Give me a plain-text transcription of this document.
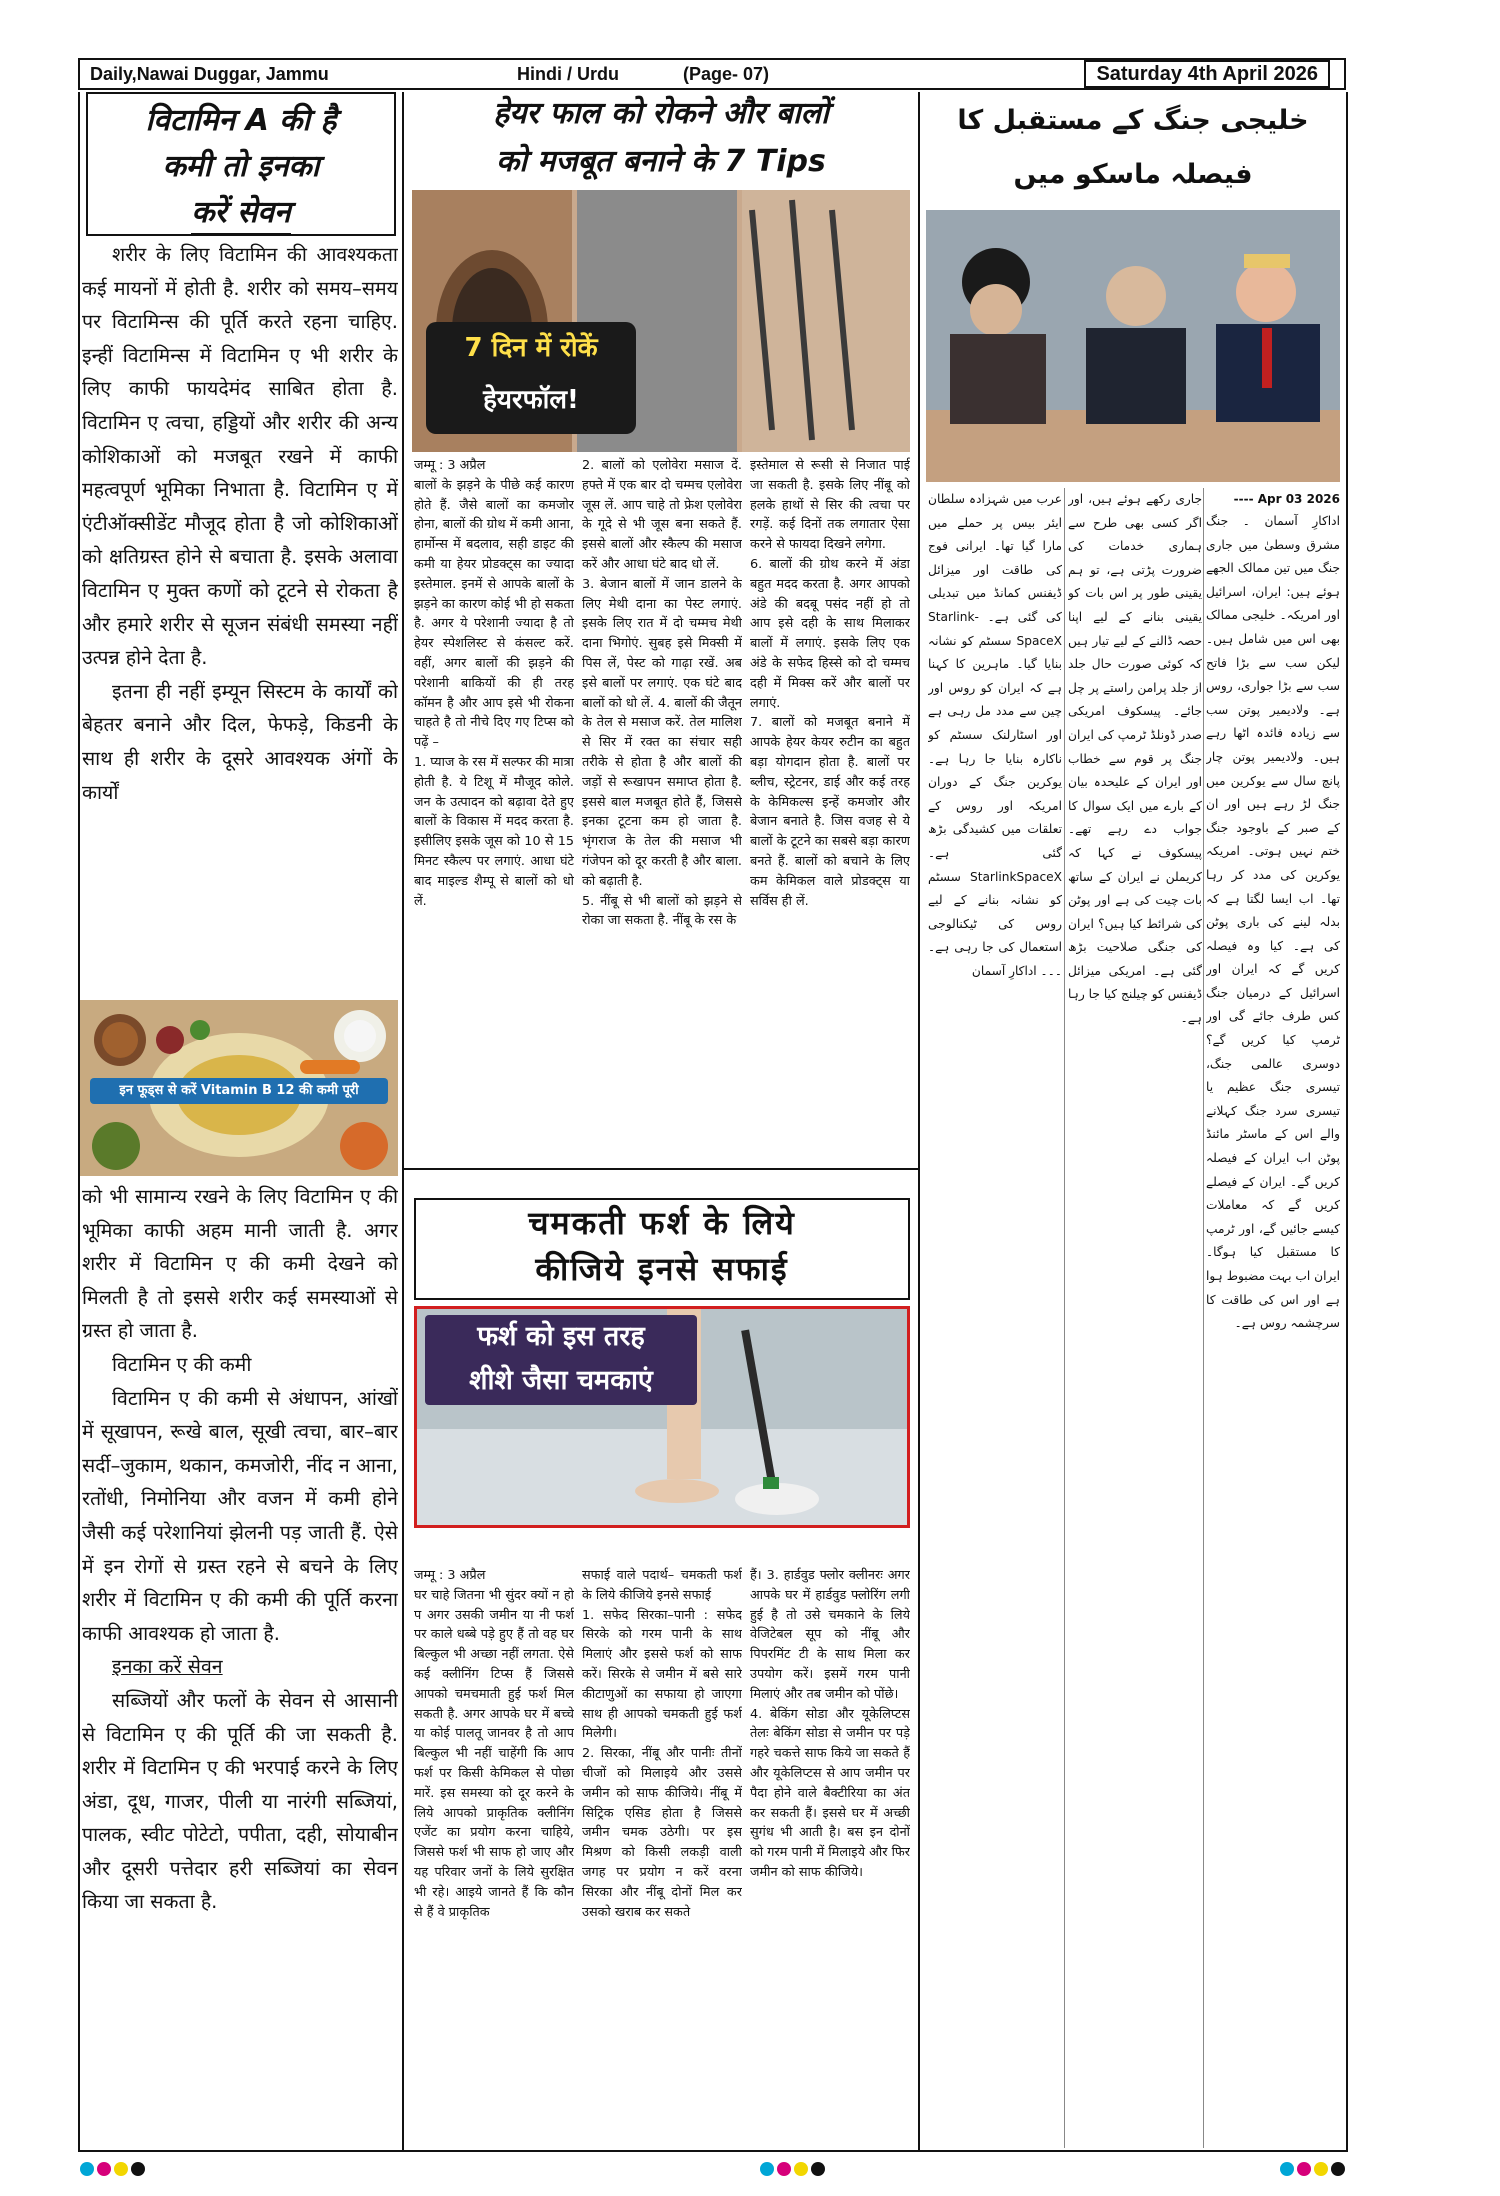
Daily,Nawai Duggar, Jammu	Hindi / Urdu	(Page- 07)	Saturday 4th April 2026
विटामिन A की है
कमी तो इनका
करें सेवन

शरीर के लिए विटामिन की आवश्यकता कई मायनों में होती है. शरीर को समय–समय पर विटामिन्स की पूर्ति करते रहना चाहिए. इन्हीं विटामिन्स में विटामिन ए भी शरीर के लिए काफी फायदेमंद साबित होता है. विटामिन ए त्वचा, हड्डियों और शरीर की अन्य कोशिकाओं को मजबूत रखने में काफी महत्वपूर्ण भूमिका निभाता है. विटामिन ए में एंटीऑक्सीडेंट मौजूद होता है जो कोशिकाओं को क्षतिग्रस्त होने से बचाता है. इसके अलावा विटामिन ए मुक्त कणों को टूटने से रोकता है और हमारे शरीर से सूजन संबंधी समस्या नहीं उत्पन्न होने देता है.

इतना ही नहीं इम्यून सिस्टम के कार्यों को बेहतर बनाने और दिल, फेफड़े, किडनी के साथ ही शरीर के दूसरे आवश्यक अंगों के कार्यों

इन फूड्स से करें Vitamin B 12 की कमी पूरी

को भी सामान्य रखने के लिए विटामिन ए की भूमिका काफी अहम मानी जाती है. अगर शरीर में विटामिन ए की कमी देखने को मिलती है तो इससे शरीर कई समस्याओं से ग्रस्त हो जाता है.

विटामिन ए की कमी

विटामिन ए की कमी से अंधापन, आंखों में सूखापन, रूखे बाल, सूखी त्वचा, बार–बार सर्दी–जुकाम, थकान, कमजोरी, नींद न आना, रतोंधी, निमोनिया और वजन में कमी होने जैसी कई परेशानियां झेलनी पड़ जाती हैं. ऐसे में इन रोगों से ग्रस्त रहने से बचने के लिए शरीर में विटामिन ए की कमी की पूर्ति करना काफी आवश्यक हो जाता है.

इनका करें सेवन

सब्जियों और फलों के सेवन से आसानी से विटामिन ए की पूर्ति की जा सकती है. शरीर में विटामिन ए की भरपाई करने के लिए अंडा, दूध, गाजर, पीली या नारंगी सब्जियां, पालक, स्वीट पोटेटो, पपीता, दही, सोयाबीन और दूसरी पत्तेदार हरी सब्जियां का सेवन किया जा सकता है.

हेयर फाल को रोकने और बालों
को मजबूत बनाने के 7 Tips
7 दिन में रोकें
हेयरफॉल!
जम्मू : 3 अप्रैल
बालों के झड़ने के पीछे कई कारण होते हैं. जैसे बालों का कमजोर होना, बालों की ग्रोथ में कमी आना, हार्मोन्स में बदलाव, सही डाइट की कमी या हेयर प्रोडक्ट्स का ज्यादा इस्तेमाल. इनमें से आपके बालों के झड़ने का कारण कोई भी हो सकता है. अगर ये परेशानी ज्यादा है तो हेयर स्पेशलिस्ट से कंसल्ट करें. वहीं, अगर बालों की झड़ने की परेशानी बाकियों की ही तरह कॉमन है और आप इसे भी रोकना चाहते है तो नीचे दिए गए टिप्स को पढ़ें –
1. प्याज के रस में सल्फर की मात्रा होती है. ये टिशू में मौजूद कोले. जन के उत्पादन को बढ़ावा देते हुए बालों के विकास में मदद करता है. इसीलिए इसके जूस को 10 से 15 मिनट स्कैल्प पर लगाएं. आधा घंटे बाद माइल्ड शैम्पू से बालों को धो लें.
2. बालों को एलोवेरा मसाज दें. हफ्ते में एक बार दो चम्मच एलोवेरा जूस लें. आप चाहे तो फ्रेश एलोवेरा के गूदे से भी जूस बना सकते हैं. इससे बालों और स्कैल्प की मसाज करें और आधा घंटे बाद धो लें.
3. बेजान बालों में जान डालने के लिए मेथी दाना का पेस्ट लगाएं. इसके लिए रात में दो चम्मच मेथी दाना भिगोएं. सुबह इसे मिक्सी में पिस लें, पेस्ट को गाढ़ा रखें. अब इसे बालों पर लगाएं. एक घंटे बाद बालों को धो लें. 4. बालों की जैतून के तेल से मसाज करें. तेल मालिश से सिर में रक्त का संचार सही तरीके से होता है और बालों की जड़ों से रूखापन समाप्त होता है. इससे बाल मजबूत होते हैं, जिससे इनका टूटना कम हो जाता है. भृंगराज के तेल की मसाज भी गंजेपन को दूर करती है और बाला. को बढ़ाती है.
5. नींबू से भी बालों को झड़ने से रोका जा सकता है. नींबू के रस के
इस्तेमाल से रूसी से निजात पाई जा सकती है. इसके लिए नींबू को हलके हाथों से सिर की त्वचा पर रगड़ें. कई दिनों तक लगातार ऐसा करने से फायदा दिखने लगेगा.
6. बालों की ग्रोथ करने में अंडा बहुत मदद करता है. अगर आपको अंडे की बदबू पसंद नहीं हो तो आप इसे दही के साथ मिलाकर बालों में लगाएं. इसके लिए एक अंडे के सफेद हिस्से को दो चम्मच दही में मिक्स करें और बालों पर लगाएं.
7. बालों को मजबूत बनाने में आपके हेयर केयर रुटीन का बहुत बड़ा योगदान होता है. बालों पर ब्लीच, स्ट्रेटनर, डाई और कई तरह के केमिकल्स इन्हें कमजोर और बेजान बनाते है. जिस वजह से ये बालों के टूटने का सबसे बड़ा कारण बनते हैं. बालों को बचाने के लिए कम केमिकल वाले प्रोडक्ट्स या सर्विस ही लें.
चमकती फर्श के लिये
कीजिये इनसे सफाई
फर्श को इस तरह
शीशे जैसा चमकाएं
जम्मू : 3 अप्रैल
घर चाहे जितना भी सुंदर क्यों न हो प अगर उसकी जमीन या नी फर्श पर काले धब्बे पड़े हुए हैं तो वह घर बिल्कुल भी अच्छा नहीं लगता. ऐसे कई क्लीनिंग टिप्स हैं जिससे आपको चमचमाती हुई फर्श मिल सकती है. अगर आपके घर में बच्चे या कोई पालतू जानवर है तो आप बिल्कुल भी नहीं चाहेंगी कि आप फर्श पर किसी केमिकल से पोछा मारें. इस समस्या को दूर करने के लिये आपको प्राकृतिक क्लीनिंग एजेंट का प्रयोग करना चाहिये, जिससे फर्श भी साफ हो जाए और यह परिवार जनों के लिये सुरक्षित भी रहे। आइये जानते हैं कि कौन से हैं वे प्राकृतिक
सफाई वाले पदार्थ– चमकती फर्श के लिये कीजिये इनसे सफाई
1. सफेद सिरका–पानी : सफेद सिरके को गरम पानी के साथ मिलाएं और इससे फर्श को साफ करें। सिरके से जमीन में बसे सारे कीटाणुओं का सफाया हो जाएगा साथ ही आपको चमकती हुई फर्श मिलेगी।
2. सिरका, नींबू और पानीः तीनों चीजों को मिलाइये और उससे जमीन को साफ कीजिये। नींबू में सिट्रिक एसिड होता है जिससे जमीन चमक उठेगी। पर इस मिश्रण को किसी लकड़ी वाली जगह पर प्रयोग न करें वरना सिरका और नींबू दोनों मिल कर उसको खराब कर सकते
हैं। 3. हार्डवुड फ्लोर क्लीनरः अगर आपके घर में हार्डवुड फ्लोरिंग लगी हुई है तो उसे चमकाने के लिये वेजिटेबल सूप को नींबू और पिपरमिंट टी के साथ मिला कर उपयोग करें। इसमें गरम पानी मिलाएं और तब जमीन को पोंछे।
4. बेकिंग सोडा और यूकेलिप्टस तेलः बेकिंग सोडा से जमीन पर पड़े गहरे चकत्ते साफ किये जा सकते हैं और यूकेलिप्टस से आप जमीन पर पैदा होने वाले बैक्टीरिया का अंत कर सकती हैं। इससे घर में अच्छी सुगंध भी आती है। बस इन दोनों को गरम पानी में मिलाइये और फिर जमीन को साफ कीजिये।
خلیجی جنگ کے مستقبل کا فیصلہ ماسکو میں
2026 Apr 03 ----
اداکارِ آسمان ۔ جنگ مشرق وسطیٰ میں جاری جنگ میں تین ممالک الجھے ہوئے ہیں: ایران، اسرائیل اور امریکہ۔ خلیجی ممالک بھی اس میں شامل ہیں۔ لیکن سب سے بڑا فاتح سب سے بڑا جواری، روس ہے۔ ولادیمیر پوتن سب سے زیادہ فائدہ اٹھا رہے ہیں۔ ولادیمیر پوتن چار پانچ سال سے یوکرین میں جنگ لڑ رہے ہیں اور ان کے صبر کے باوجود جنگ ختم نہیں ہوتی۔ امریکہ یوکرین کی مدد کر رہا تھا۔ اب ایسا لگتا ہے کہ بدلہ لینے کی باری پوٹن کی ہے۔ کیا وہ فیصلہ کریں گے کہ ایران اور اسرائیل کے درمیان جنگ کس طرف جائے گی اور ٹرمپ کیا کریں گے؟ دوسری عالمی جنگ، تیسری جنگ عظیم یا تیسری سرد جنگ کہلانے والے اس کے ماسٹر مائنڈ پوٹن اب ایران کے فیصلہ کریں گے۔ ایران کے فیصلے کریں گے کہ معاملات کیسے جائیں گے، اور ٹرمپ کا مستقبل کیا ہوگا۔ ایران اب بہت مضبوط ہوا ہے اور اس کی طاقت کا سرچشمہ روس ہے۔
جاری رکھے ہوئے ہیں، اور اگر کسی بھی طرح سے ہماری خدمات کی ضرورت پڑتی ہے، تو ہم یقینی طور پر اس بات کو یقینی بنانے کے لیے اپنا حصہ ڈالنے کے لیے تیار ہیں کہ کوئی صورت حال جلد از جلد پرامن راستے پر چل جائے۔ پیسکوف امریکی صدر ڈونلڈ ٹرمپ کی ایران جنگ پر قوم سے خطاب اور ایران کے علیحدہ بیان کے بارے میں ایک سوال کا جواب دے رہے تھے۔ پیسکوف نے کہا کہ کریملن نے ایران کے ساتھ بات چیت کی ہے اور پوٹن کی شرائط کیا ہیں؟ ایران کی جنگی صلاحیت بڑھ گئی ہے۔ امریکی میزائل ڈیفنس کو چیلنج کیا جا رہا ہے۔
عرب میں شہزادہ سلطان ایئر بیس پر حملے میں مارا گیا تھا۔ ایرانی فوج کی طاقت اور میزائل ڈیفنس کمانڈ میں تبدیلی کی گئی ہے۔ Starlink-SpaceX سسٹم کو نشانہ بنایا گیا۔ ماہرین کا کہنا ہے کہ ایران کو روس اور چین سے مدد مل رہی ہے اور اسٹارلنک سسٹم کو ناکارہ بنایا جا رہا ہے۔ یوکرین جنگ کے دوران امریکہ اور روس کے تعلقات میں کشیدگی بڑھ گئی ہے۔ StarlinkSpaceX سسٹم کو نشانہ بنانے کے لیے روس کی ٹیکنالوجی استعمال کی جا رہی ہے۔ ۔۔۔ اداکارِ آسمان
